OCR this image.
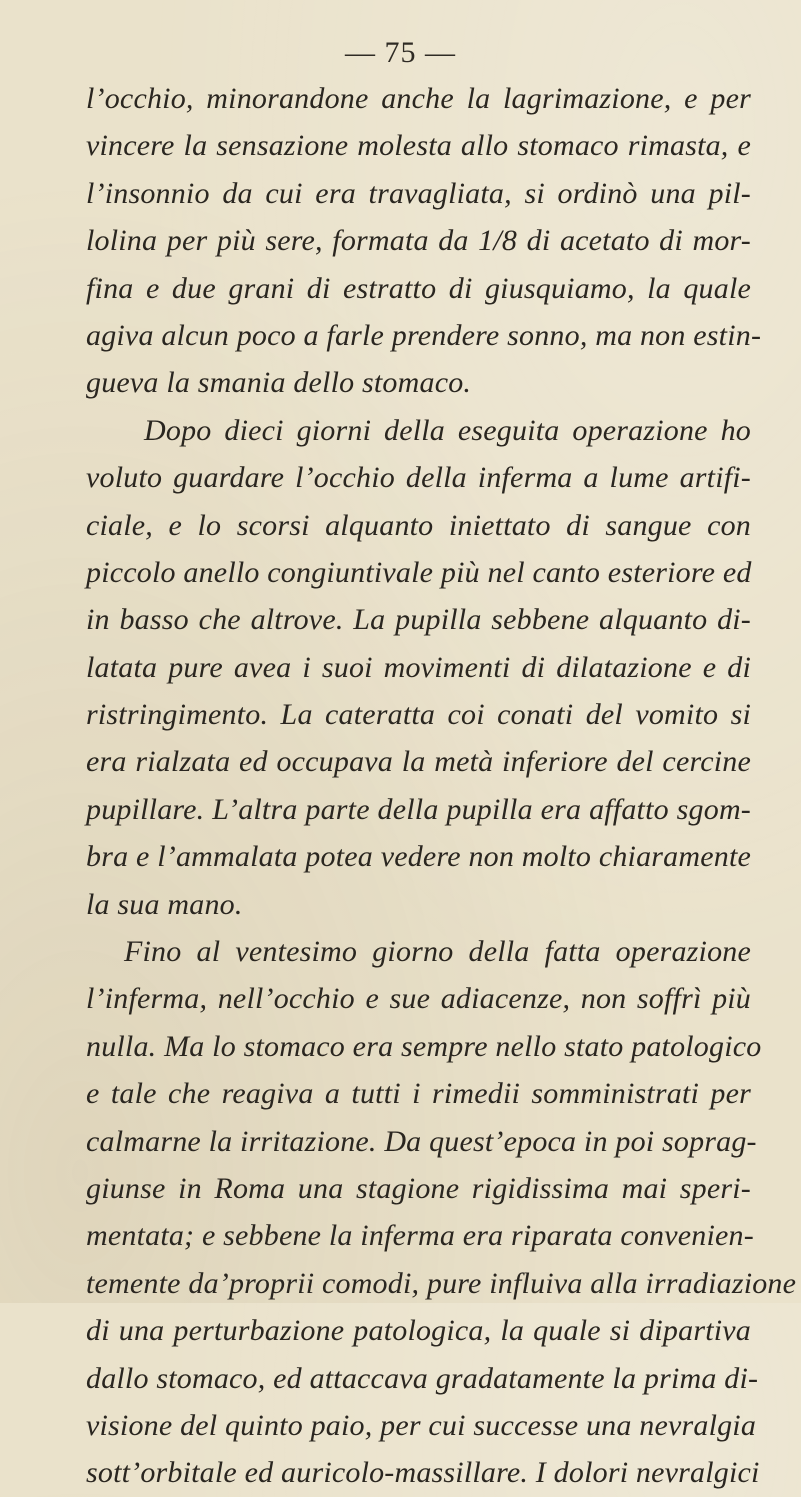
— 75 —
l’occhio, minorandone anche la lagrimazione, e per
vincere la sensazione molesta allo stomaco rimasta, e
l’insonnio da cui era travagliata, si ordinò una pil-
lolina per più sere, formata da 1/8 di acetato di mor-
fina e due grani di estratto di giusquiamo, la quale
agiva alcun poco a farle prendere sonno, ma non estin-
gueva la smania dello stomaco.
Dopo dieci giorni della eseguita operazione ho
voluto guardare l’occhio della inferma a lume artifi-
ciale, e lo scorsi alquanto iniettato di sangue con
piccolo anello congiuntivale più nel canto esteriore ed
in basso che altrove. La pupilla sebbene alquanto di-
latata pure avea i suoi movimenti di dilatazione e di
ristringimento. La cateratta coi conati del vomito si
era rialzata ed occupava la metà inferiore del cercine
pupillare. L’altra parte della pupilla era affatto sgom-
bra e l’ammalata potea vedere non molto chiaramente
la sua mano.
Fino al ventesimo giorno della fatta operazione
l’inferma, nell’occhio e sue adiacenze, non soffrì più
nulla. Ma lo stomaco era sempre nello stato patologico
e tale che reagiva a tutti i rimedii somministrati per
calmarne la irritazione. Da quest’epoca in poi soprag-
giunse in Roma una stagione rigidissima mai speri-
mentata; e sebbene la inferma era riparata convenien-
temente da’proprii comodi, pure influiva alla irradiazione
di una perturbazione patologica, la quale si dipartiva
dallo stomaco, ed attaccava gradatamente la prima di-
visione del quinto paio, per cui successe una nevralgia
sott’orbitale ed auricolo-massillare. I dolori nevralgici
